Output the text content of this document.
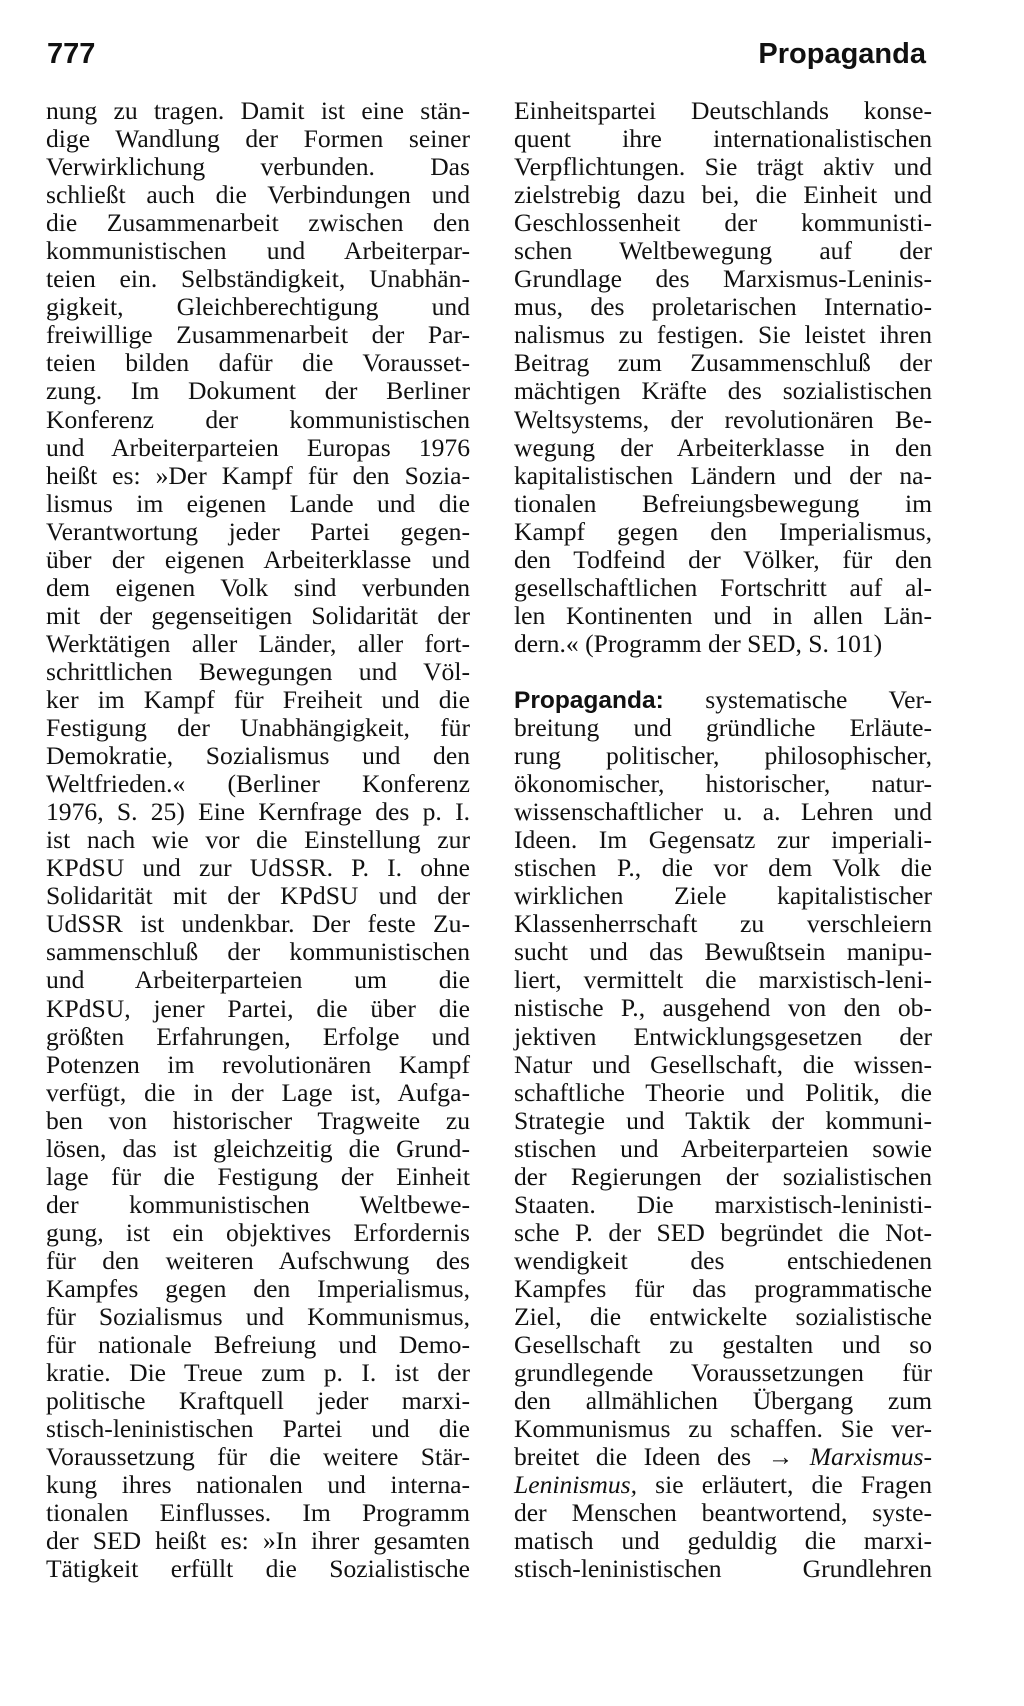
777	Propaganda
nung zu tragen. Damit ist eine stän-
dige Wandlung der Formen seiner
Verwirklichung verbunden. Das
schließt auch die Verbindungen und
die Zusammenarbeit zwischen den
kommunistischen und Arbeiterpar-
teien ein. Selbständigkeit, Unabhän-
gigkeit, Gleichberechtigung und
freiwillige Zusammenarbeit der Par-
teien bilden dafür die Vorausset-
zung. Im Dokument der Berliner
Konferenz der kommunistischen
und Arbeiterparteien Europas 1976
heißt es: »Der Kampf für den Sozia-
lismus im eigenen Lande und die
Verantwortung jeder Partei gegen-
über der eigenen Arbeiterklasse und
dem eigenen Volk sind verbunden
mit der gegenseitigen Solidarität der
Werktätigen aller Länder, aller fort-
schrittlichen Bewegungen und Völ-
ker im Kampf für Freiheit und die
Festigung der Unabhängigkeit, für
Demokratie, Sozialismus und den
Weltfrieden.« (Berliner Konferenz
1976, S. 25) Eine Kernfrage des p. I.
ist nach wie vor die Einstellung zur
KPdSU und zur UdSSR. P. I. ohne
Solidarität mit der KPdSU und der
UdSSR ist undenkbar. Der feste Zu-
sammenschluß der kommunistischen
und Arbeiterparteien um die
KPdSU, jener Partei, die über die
größten Erfahrungen, Erfolge und
Potenzen im revolutionären Kampf
verfügt, die in der Lage ist, Aufga-
ben von historischer Tragweite zu
lösen, das ist gleichzeitig die Grund-
lage für die Festigung der Einheit
der kommunistischen Weltbewe-
gung, ist ein objektives Erfordernis
für den weiteren Aufschwung des
Kampfes gegen den Imperialismus,
für Sozialismus und Kommunismus,
für nationale Befreiung und Demo-
kratie. Die Treue zum p. I. ist der
politische Kraftquell jeder marxi-
stisch-leninistischen Partei und die
Voraussetzung für die weitere Stär-
kung ihres nationalen und interna-
tionalen Einflusses. Im Programm
der SED heißt es: »In ihrer gesamten
Tätigkeit erfüllt die Sozialistische
Einheitspartei Deutschlands konse-
quent ihre internationalistischen
Verpflichtungen. Sie trägt aktiv und
zielstrebig dazu bei, die Einheit und
Geschlossenheit der kommunisti-
schen Weltbewegung auf der
Grundlage des Marxismus-Leninis-
mus, des proletarischen Internatio-
nalismus zu festigen. Sie leistet ihren
Beitrag zum Zusammenschluß der
mächtigen Kräfte des sozialistischen
Weltsystems, der revolutionären Be-
wegung der Arbeiterklasse in den
kapitalistischen Ländern und der na-
tionalen Befreiungsbewegung im
Kampf gegen den Imperialismus,
den Todfeind der Völker, für den
gesellschaftlichen Fortschritt auf al-
len Kontinenten und in allen Län-
dern.« (Programm der SED, S. 101)
Propaganda: systematische Ver-
breitung und gründliche Erläute-
rung politischer, philosophischer,
ökonomischer, historischer, natur-
wissenschaftlicher u. a. Lehren und
Ideen. Im Gegensatz zur imperiali-
stischen P., die vor dem Volk die
wirklichen Ziele kapitalistischer
Klassenherrschaft zu verschleiern
sucht und das Bewußtsein manipu-
liert, vermittelt die marxistisch-leni-
nistische P., ausgehend von den ob-
jektiven Entwicklungsgesetzen der
Natur und Gesellschaft, die wissen-
schaftliche Theorie und Politik, die
Strategie und Taktik der kommuni-
stischen und Arbeiterparteien sowie
der Regierungen der sozialistischen
Staaten. Die marxistisch-leninisti-
sche P. der SED begründet die Not-
wendigkeit des entschiedenen
Kampfes für das programmatische
Ziel, die entwickelte sozialistische
Gesellschaft zu gestalten und so
grundlegende Voraussetzungen für
den allmählichen Übergang zum
Kommunismus zu schaffen. Sie ver-
breitet die Ideen des → Marxismus-
Leninismus, sie erläutert, die Fragen
der Menschen beantwortend, syste-
matisch und geduldig die marxi-
stisch-leninistischen Grundlehren
